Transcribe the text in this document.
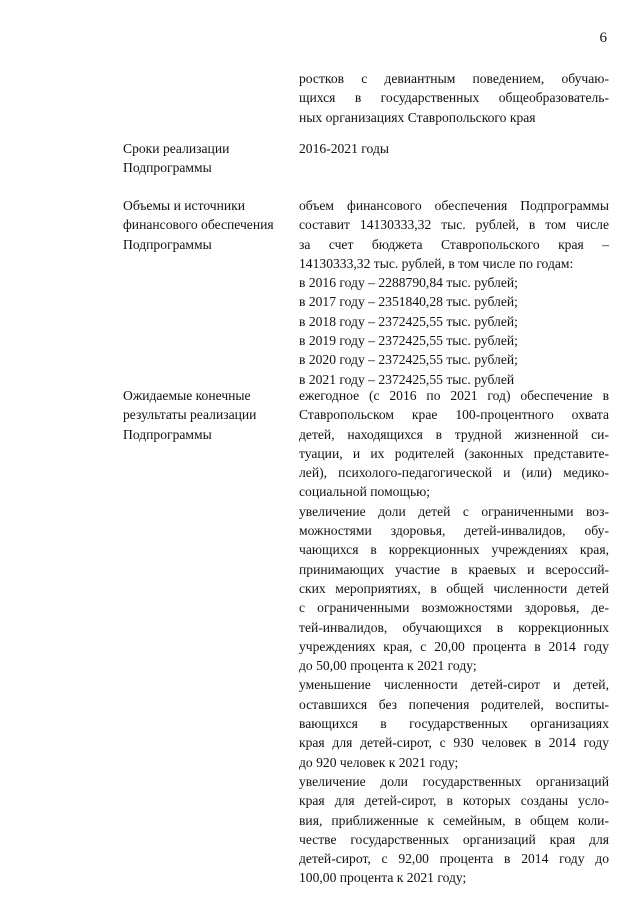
6
ростков с девиантным поведением, обучаю-
щихся в государственных общеобразователь-
ных организациях Ставропольского края
Сроки реализации
Подпрограммы
2016-2021 годы
Объемы и источники
финансового обеспечения
Подпрограммы
объем финансового обеспечения Подпрограммы
составит 14130333,32 тыс. рублей, в том числе
за счет бюджета Ставропольского края –
14130333,32 тыс. рублей, в том числе по годам:
в 2016 году – 2288790,84 тыс. рублей;
в 2017 году – 2351840,28 тыс. рублей;
в 2018 году – 2372425,55 тыс. рублей;
в 2019 году – 2372425,55 тыс. рублей;
в 2020 году – 2372425,55 тыс. рублей;
в 2021 году – 2372425,55 тыс. рублей
Ожидаемые конечные
результаты реализации
Подпрограммы
ежегодное (с 2016 по 2021 год) обеспечение в
Ставропольском крае 100-процентного охвата
детей, находящихся в трудной жизненной си-
туации, и их родителей (законных представите-
лей), психолого-педагогической и (или) медико-
социальной помощью;
увеличение доли детей с ограниченными воз-
можностями здоровья, детей-инвалидов, обу-
чающихся в коррекционных учреждениях края,
принимающих участие в краевых и всероссий-
ских мероприятиях, в общей численности детей
с ограниченными возможностями здоровья, де-
тей-инвалидов, обучающихся в коррекционных
учреждениях края, с 20,00 процента в 2014 году
до 50,00 процента к 2021 году;
уменьшение численности детей-сирот и детей,
оставшихся без попечения родителей, воспиты-
вающихся в государственных организациях
края для детей-сирот, с 930 человек в 2014 году
до 920 человек к 2021 году;
увеличение доли государственных организаций
края для детей-сирот, в которых созданы усло-
вия, приближенные к семейным, в общем коли-
честве государственных организаций края для
детей-сирот, с 92,00 процента в 2014 году до
100,00 процента к 2021 году;
